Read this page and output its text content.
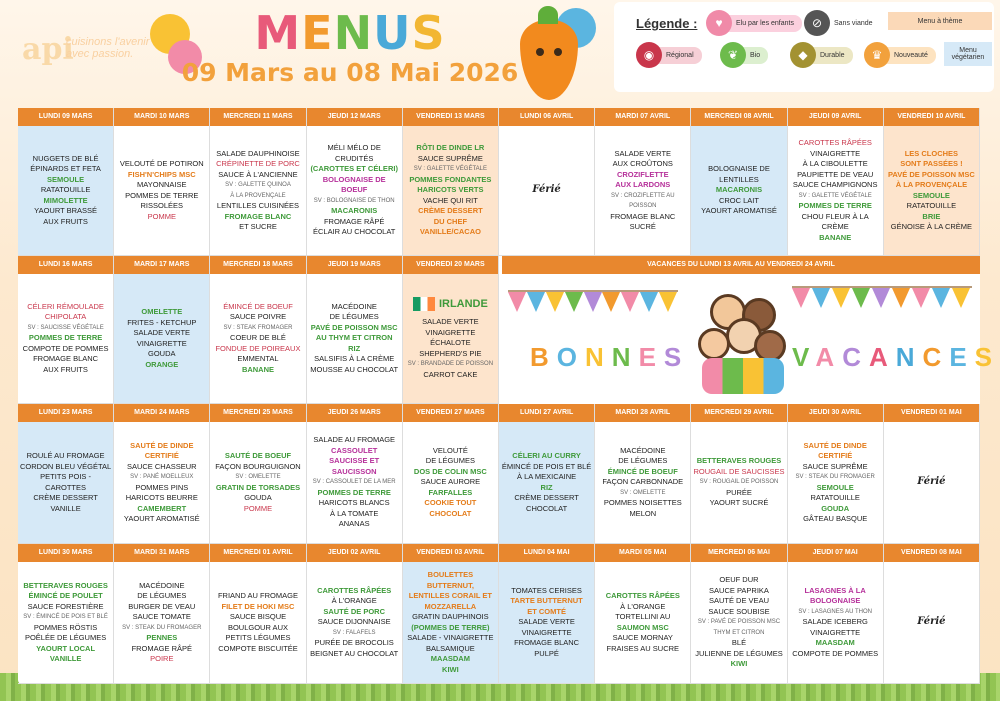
api
cuisinons l'avenir
avec passion.	MENUS
09 Mars au 08 Mai 2026
Légende :	♥	Elu par les enfants	⊘	Sans viande	Menu à thème
◉	Régional	❦	Bio	◆	Durable	♛	Nouveauté
Menu végétarien
LUNDI 09 MARS
NUGGETS DE BLÉ
ÉPINARDS ET FETA
SEMOULE
RATATOUILLE
MIMOLETTE
YAOURT BRASSÉ
AUX FRUITS
MARDI 10 MARS
VELOUTÉ DE POTIRON
FISH'N'CHIPS MSC
MAYONNAISE
POMMES DE TERRE
RISSOLÉES
POMME
MERCREDI 11 MARS
SALADE DAUPHINOISE
CRÉPINETTE DE PORC
SAUCE À L'ANCIENNE
SV : GALETTE QUINOA
À LA PROVENÇALE
LENTILLES CUISINÉES
FROMAGE BLANC
ET SUCRE
JEUDI 12 MARS
MÉLI MÉLO DE CRUDITÉS
(CAROTTES ET CÉLERI)
BOLOGNAISE DE BOEUF
SV : BOLOGNAISE DE THON
MACARONIS
FROMAGE RÂPÉ
ÉCLAIR AU CHOCOLAT
VENDREDI 13 MARS
RÔTI DE DINDE LR
SAUCE SUPRÊME
SV : GALETTE VÉGÉTALE
POMMES FONDANTES
HARICOTS VERTS
VACHE QUI RIT
CRÈME DESSERT
DU CHEF VANILLE/CACAO
LUNDI 06 AVRIL
Férié
MARDI 07 AVRIL
SALADE VERTE
AUX CROÛTONS
CROZIFLETTE
AUX LARDONS
SV : CROZIFLETTE AU POISSON
FROMAGE BLANC
SUCRÉ
MERCREDI 08 AVRIL
BOLOGNAISE DE
LENTILLES
MACARONIS
CROC LAIT
YAOURT AROMATISÉ
JEUDI 09 AVRIL
CAROTTES RÂPÉES
VINAIGRETTE
À LA CIBOULETTE
PAUPIETTE DE VEAU
SAUCE CHAMPIGNONS
SV : GALETTE VÉGÉTALE
POMMES DE TERRE
CHOU FLEUR À LA CRÈME
BANANE
VENDREDI 10 AVRIL
LES CLOCHES
SONT PASSÉES !
PAVÉ DE POISSON MSC
À LA PROVENÇALE
SEMOULE
RATATOUILLE
BRIE
GÉNOISE À LA CRÈME
LUNDI 16 MARS
CÉLERI RÉMOULADE
CHIPOLATA
SV : SAUCISSE VÉGÉTALE
POMMES DE TERRE
COMPOTE DE POMMES
FROMAGE BLANC
AUX FRUITS
MARDI 17 MARS
OMELETTE
FRITES - KETCHUP
SALADE VERTE
VINAIGRETTE
GOUDA
ORANGE
MERCREDI 18 MARS
ÉMINCÉ DE BOEUF
SAUCE POIVRE
SV : STEAK FROMAGER
COEUR DE BLÉ
FONDUE DE POIREAUX
EMMENTAL
BANANE
JEUDI 19 MARS
MACÉDOINE
DE LÉGUMES
PAVÉ DE POISSON MSC
AU THYM ET CITRON
RIZ
SALSIFIS À LA CRÈME
MOUSSE AU CHOCOLAT
VENDREDI 20 MARS
IRLANDE
SALADE VERTE
VINAIGRETTE ÉCHALOTE
SHEPHERD'S PIE
SV : BRANDADE DE POISSON
CARROT CAKE
LUNDI 23 MARS
ROULÉ AU FROMAGE
CORDON BLEU VÉGÉTAL
PETITS POIS - CAROTTES
CRÈME DESSERT
VANILLE
MARDI 24 MARS
SAUTÉ DE DINDE CERTIFIÉ
SAUCE CHASSEUR
SV : PANÉ MOELLEUX
POMMES PINS
HARICOTS BEURRE
CAMEMBERT
YAOURT AROMATISÉ
MERCREDI 25 MARS
SAUTÉ DE BOEUF
FAÇON BOURGUIGNON
SV : OMELETTE
GRATIN DE TORSADES
GOUDA
POMME
JEUDI 26 MARS
SALADE AU FROMAGE
CASSOULET
SAUCISSE ET SAUCISSON
SV : CASSOULET DE LA MER
POMMES DE TERRE
HARICOTS BLANCS
À LA TOMATE
ANANAS
VENDREDI 27 MARS
VELOUTÉ
DE LÉGUMES
DOS DE COLIN MSC
SAUCE AURORE
FARFALLES
COOKIE TOUT CHOCOLAT
LUNDI 27 AVRIL
CÉLERI AU CURRY
ÉMINCÉ DE POIS ET BLÉ
À LA MEXICAINE
RIZ
CRÈME DESSERT
CHOCOLAT
MARDI 28 AVRIL
MACÉDOINE
DE LÉGUMES
ÉMINCÉ DE BOEUF
FAÇON CARBONNADE
SV : OMELETTE
POMMES NOISETTES
MELON
MERCREDI 29 AVRIL
BETTERAVES ROUGES
ROUGAIL DE SAUCISSES
SV : ROUGAIL DE POISSON
PURÉE
YAOURT SUCRÉ
JEUDI 30 AVRIL
SAUTÉ DE DINDE
CERTIFIÉ
SAUCE SUPRÊME
SV : STEAK DU FROMAGER
SEMOULE
RATATOUILLE
GOUDA
GÂTEAU BASQUE
VENDREDI 01 MAI
Férié
LUNDI 30 MARS
BETTERAVES ROUGES
ÉMINCÉ DE POULET
SAUCE FORESTIÈRE
SV : ÉMINCÉ DE POIS ET BLÉ
POMMES RÖSTIS
POÊLÉE DE LÉGUMES
YAOURT LOCAL VANILLE
MARDI 31 MARS
MACÉDOINE
DE LÉGUMES
BURGER DE VEAU
SAUCE TOMATE
SV : STEAK DU FROMAGER
PENNES
FROMAGE RÂPÉ
POIRE
MERCREDI 01 AVRIL
FRIAND AU FROMAGE
FILET DE HOKI MSC
SAUCE BISQUE
BOULGOUR AUX
PETITS LÉGUMES
COMPOTE BISCUITÉE
JEUDI 02 AVRIL
CAROTTES RÂPÉES
À L'ORANGE
SAUTÉ DE PORC
SAUCE DIJONNAISE
SV : FALAFELS
PURÉE DE BROCOLIS
BEIGNET AU CHOCOLAT
VENDREDI 03 AVRIL
BOULETTES BUTTERNUT,
LENTILLES CORAIL ET
MOZZARELLA
GRATIN DAUPHINOIS
(POMMES DE TERRE)
SALADE - VINAIGRETTE
BALSAMIQUE
MAASDAM
KIWI
LUNDI 04 MAI
TOMATES CERISES
TARTE BUTTERNUT
ET COMTÉ
SALADE VERTE
VINAIGRETTE
FROMAGE BLANC
PULPÉ
MARDI 05 MAI
CAROTTES RÂPÉES
À L'ORANGE
TORTELLINI AU
SAUMON MSC
SAUCE MORNAY
FRAISES AU SUCRE
MERCREDI 06 MAI
OEUF DUR
SAUCE PAPRIKA
SAUTÉ DE VEAU
SAUCE SOUBISE
SV : PAVÉ DE POISSON MSC
THYM ET CITRON
BLÉ
JULIENNE DE LÉGUMES
KIWI
JEUDI 07 MAI
LASAGNES À LA
BOLOGNAISE
SV : LASAGNES AU THON
SALADE ICEBERG
VINAIGRETTE
MAASDAM
COMPOTE DE POMMES
VENDREDI 08 MAI
Férié
VACANCES DU LUNDI 13 AVRIL AU VENDREDI 24 AVRIL
BONNES	VACANCES
